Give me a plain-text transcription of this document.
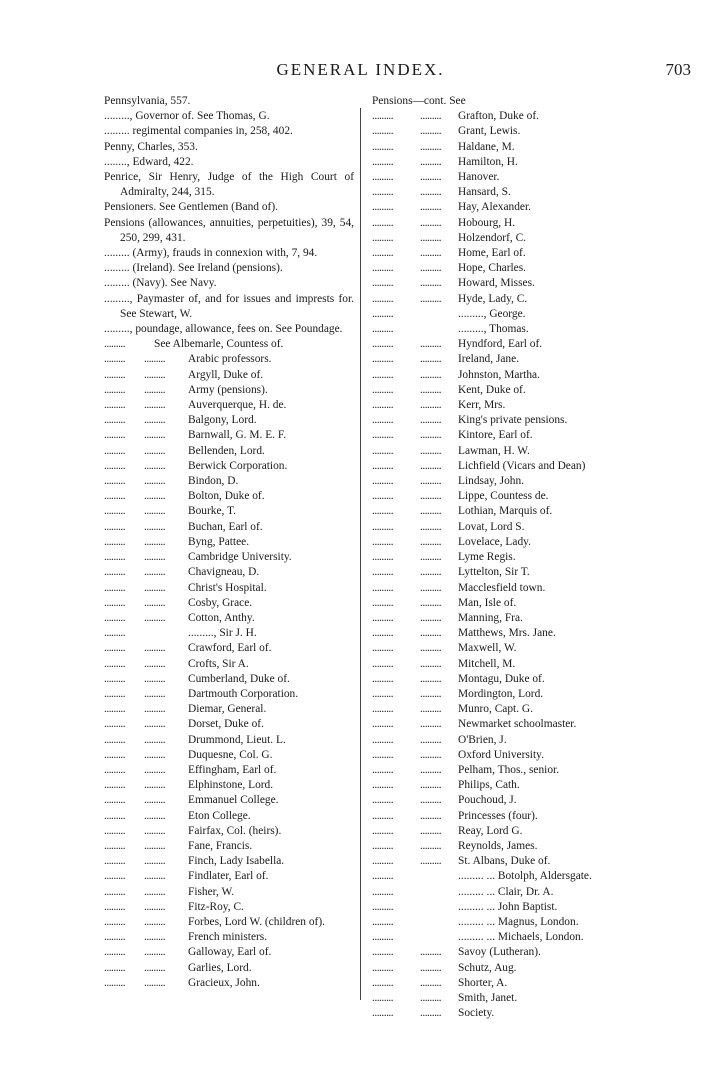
GENERAL INDEX.	703
Pennsylvania, 557.
........., Governor of. See Thomas, G.
......... regimental companies in, 258, 402.
Penny, Charles, 353.
........, Edward, 422.
Penrice, Sir Henry, Judge of the High Court of Admiralty, 244, 315.
Pensioners. See Gentlemen (Band of).
Pensions (allowances, annuities, perpetuities), 39, 54, 250, 299, 431.
......... (Army), frauds in connexion with, 7, 94.
......... (Ireland). See Ireland (pensions).
......... (Navy). See Navy.
........., Paymaster of, and for issues and imprests for. See Stewart, W.
........., poundage, allowance, fees on. See Poundage.
.........	See Albemarle, Countess of.
......... ......... Arabic professors.
......... ......... Argyll, Duke of.
......... ......... Army (pensions).
......... ......... Auverquerque, H. de.
......... ......... Balgony, Lord.
......... ......... Barnwall, G. M. E. F.
......... ......... Bellenden, Lord.
......... ......... Berwick Corporation.
......... ......... Bindon, D.
......... ......... Bolton, Duke of.
......... ......... Bourke, T.
......... ......... Buchan, Earl of.
......... ......... Byng, Pattee.
......... ......... Cambridge University.
......... ......... Chavigneau, D.
......... ......... Christ's Hospital.
......... ......... Cosby, Grace.
......... ......... Cotton, Anthy.
.........	........., Sir J. H.
......... ......... Crawford, Earl of.
......... ......... Crofts, Sir A.
......... ......... Cumberland, Duke of.
......... ......... Dartmouth Corporation.
......... ......... Diemar, General.
......... ......... Dorset, Duke of.
......... ......... Drummond, Lieut. L.
......... ......... Duquesne, Col. G.
......... ......... Effingham, Earl of.
......... ......... Elphinstone, Lord.
......... ......... Emmanuel College.
......... ......... Eton College.
......... ......... Fairfax, Col. (heirs).
......... ......... Fane, Francis.
......... ......... Finch, Lady Isabella.
......... ......... Findlater, Earl of.
......... ......... Fisher, W.
......... ......... Fitz-Roy, C.
......... ......... Forbes, Lord W. (children of).
......... ......... French ministers.
......... ......... Galloway, Earl of.
......... ......... Garlies, Lord.
......... ......... Gracieux, John.
Pensions—cont. See
......... ......... Grafton, Duke of.
......... ......... Grant, Lewis.
......... ......... Haldane, M.
......... ......... Hamilton, H.
......... ......... Hanover.
......... ......... Hansard, S.
......... ......... Hay, Alexander.
......... ......... Hobourg, H.
......... ......... Holzendorf, C.
......... ......... Home, Earl of.
......... ......... Hope, Charles.
......... ......... Howard, Misses.
......... ......... Hyde, Lady, C.
.........	........., George.
.........	........., Thomas.
......... ......... Hyndford, Earl of.
......... ......... Ireland, Jane.
......... ......... Johnston, Martha.
......... ......... Kent, Duke of.
......... ......... Kerr, Mrs.
......... ......... King's private pensions.
......... ......... Kintore, Earl of.
......... ......... Lawman, H. W.
......... ......... Lichfield (Vicars and Dean)
......... ......... Lindsay, John.
......... ......... Lippe, Countess de.
......... ......... Lothian, Marquis of.
......... ......... Lovat, Lord S.
......... ......... Lovelace, Lady.
......... ......... Lyme Regis.
......... ......... Lyttelton, Sir T.
......... ......... Macclesfield town.
......... ......... Man, Isle of.
......... ......... Manning, Fra.
......... ......... Matthews, Mrs. Jane.
......... ......... Maxwell, W.
......... ......... Mitchell, M.
......... ......... Montagu, Duke of.
......... ......... Mordington, Lord.
......... ......... Munro, Capt. G.
......... ......... Newmarket schoolmaster.
......... ......... O'Brien, J.
......... ......... Oxford University.
......... ......... Pelham, Thos., senior.
......... ......... Philips, Cath.
......... ......... Pouchoud, J.
......... ......... Princesses (four).
......... ......... Reay, Lord G.
......... ......... Reynolds, James.
......... ......... St. Albans, Duke of.
.........	......... ... Botolph, Aldersgate.
.........	......... ... Clair, Dr. A.
.........	......... ... John Baptist.
.........	......... ... Magnus, London.
.........	......... ... Michaels, London.
......... ......... Savoy (Lutheran).
......... ......... Schutz, Aug.
......... ......... Shorter, A.
......... ......... Smith, Janet.
......... ......... Society.
